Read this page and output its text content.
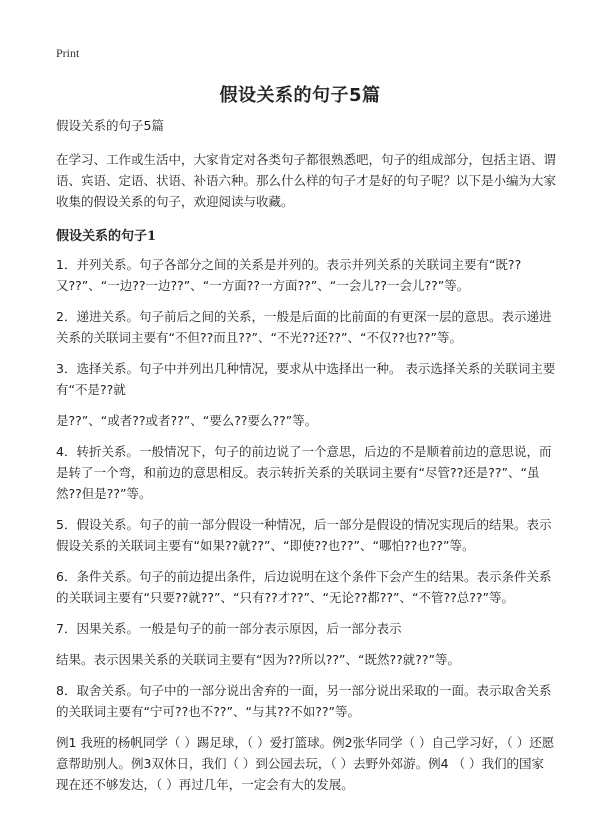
Print
假设关系的句子5篇
假设关系的句子5篇
在学习、工作或生活中，大家肯定对各类句子都很熟悉吧，句子的组成部分，包括主语、谓语、宾语、定语、状语、补语六种。那么什么样的句子才是好的句子呢？以下是小编为大家收集的假设关系的句子，欢迎阅读与收藏。
假设关系的句子1
1．并列关系。句子各部分之间的关系是并列的。表示并列关系的关联词主要有“既??又??”、“一边??一边??”、“一方面??一方面??”、“一会儿??一会儿??”等。
2．递进关系。句子前后之间的关系，一般是后面的比前面的有更深一层的意思。表示递进关系的关联词主要有“不但??而且??”、“不光??还??”、“不仅??也??”等。
3．选择关系。句子中并列出几种情况，要求从中选择出一种。 表示选择关系的关联词主要有“不是??就
是??”、“或者??或者??”、“要么??要么??”等。
4．转折关系。一般情况下，句子的前边说了一个意思，后边的不是顺着前边的意思说，而是转了一个弯，和前边的意思相反。表示转折关系的关联词主要有“尽管??还是??”、“虽然??但是??”等。
5．假设关系。句子的前一部分假设一种情况，后一部分是假设的情况实现后的结果。表示假设关系的关联词主要有“如果??就??”、“即使??也??”、“哪怕??也??”等。
6．条件关系。句子的前边提出条件，后边说明在这个条件下会产生的结果。表示条件关系的关联词主要有“只要??就??”、“只有??才??”、“无论??都??”、“不管??总??”等。
7．因果关系。一般是句子的前一部分表示原因，后一部分表示
结果。表示因果关系的关联词主要有“因为??所以??”、“既然??就??”等。
8．取舍关系。句子中的一部分说出舍弃的一面，另一部分说出采取的一面。表示取舍关系的关联词主要有“宁可??也不??”、“与其??不如??”等。
例1 我班的杨帆同学（ ）踢足球，（ ）爱打篮球。例2张华同学（ ）自己学习好，（ ）还愿意帮助别人。例3双休日，我们（ ）到公园去玩，（ ）去野外郊游。例4 （ ）我们的国家现在还不够发达，（ ）再过几年，一定会有大的发展。
